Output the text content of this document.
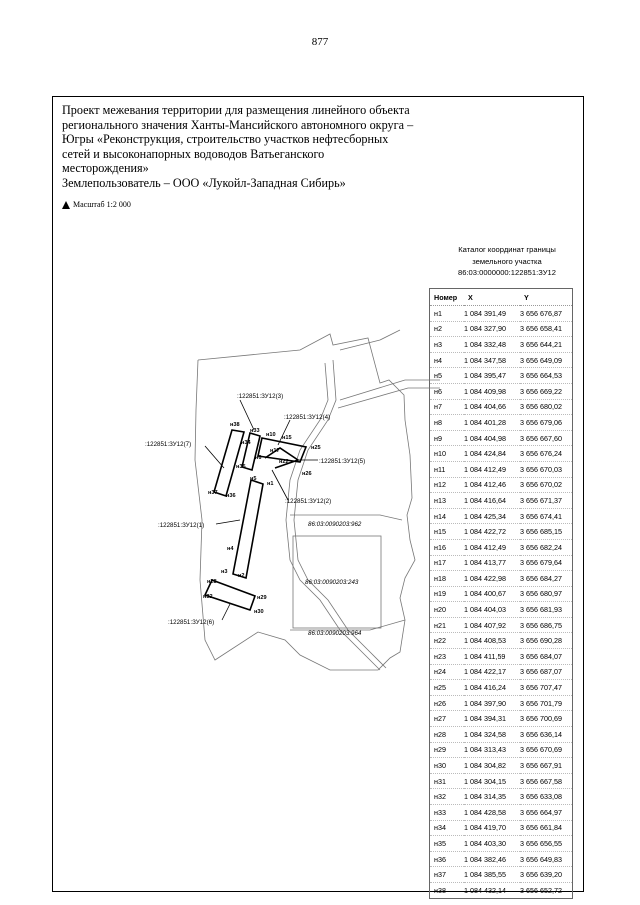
877
Проект межевания территории для размещения линейного объекта
регионального значения Ханты-Мансийского автономного округа –
Югры «Реконструкция, строительство участков нефтесборных
сетей и высоконапорных водоводов Ватьеганского
месторождения»
Землепользователь – ООО «Лукойл-Западная Сибирь»
Масштаб 1:2 000
Каталог координат границы
земельного участка
86:03:0000000:122851:ЗУ12
Номер	X	Y
н1	1 084 391,49	3 656 676,87
н2	1 084 327,90	3 656 658,41
н3	1 084 332,48	3 656 644,21
н4	1 084 347,58	3 656 649,09
н5	1 084 395,47	3 656 664,53
н6	1 084 409,98	3 656 669,22
н7	1 084 404,66	3 656 680,02
н8	1 084 401,28	3 656 679,06
н9	1 084 404,98	3 656 667,60
н10	1 084 424,84	3 656 676,24
н11	1 084 412,49	3 656 670,03
н12	1 084 412,46	3 656 670,02
н13	1 084 416,64	3 656 671,37
н14	1 084 425,34	3 656 674,41
н15	1 084 422,72	3 656 685,15
н16	1 084 412,49	3 656 682,24
н17	1 084 413,77	3 656 679,64
н18	1 084 422,98	3 656 684,27
н19	1 084 400,67	3 656 680,97
н20	1 084 404,03	3 656 681,93
н21	1 084 407,92	3 656 686,75
н22	1 084 408,53	3 656 690,28
н23	1 084 411,59	3 656 684,07
н24	1 084 422,17	3 656 687,07
н25	1 084 416,24	3 656 707,47
н26	1 084 397,90	3 656 701,79
н27	1 084 394,31	3 656 700,69
н28	1 084 324,58	3 656 636,14
н29	1 084 313,43	3 656 670,69
н30	1 084 304,82	3 656 667,91
н31	1 084 304,15	3 656 667,58
н32	1 084 314,35	3 656 633,08
н33	1 084 428,58	3 656 664,97
н34	1 084 419,70	3 656 661,84
н35	1 084 403,30	3 656 656,55
н36	1 084 382,46	3 656 649,83
н37	1 084 385,55	3 656 639,20
н38	1 084 432,14	3 656 652,72
:122851:ЗУ12(3)
:122851:ЗУ12(4)
:122851:ЗУ12(7)
:122851:ЗУ12(5)
:122851:ЗУ12(2)
:122851:ЗУ12(1)
:122851:ЗУ12(6)
86:03:0090203:962
86:03:0090203:243
86:03:0090203:964
н38
н34
н33
н10 н15
н17	н25
н6
н22
н35
н26
н1
н37 н36
н5
н4
н3
н2
н28
н32	н29
н30
